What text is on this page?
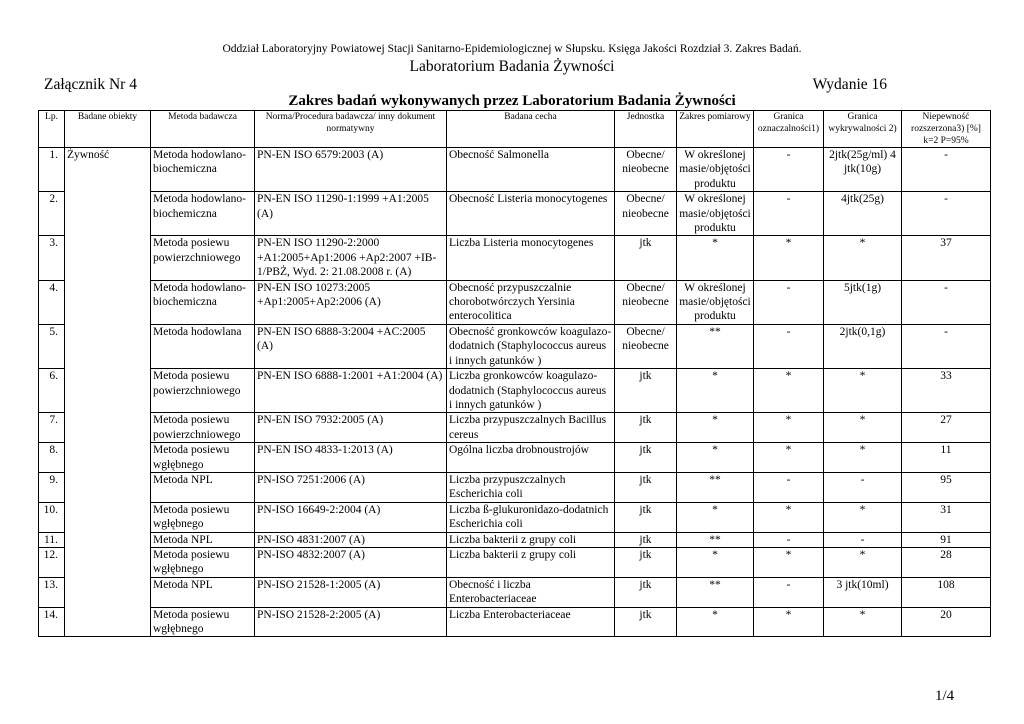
Oddział Laboratoryjny Powiatowej Stacji Sanitarno-Epidemiologicznej w Słupsku. Księga Jakości Rozdział 3. Zakres Badań.
Laboratorium Badania Żywności
Załącznik Nr 4	Wydanie 16
Zakres badań wykonywanych przez Laboratorium Badania Żywności
Lp.	Badane obiekty	Metoda badawcza	Norma/Procedura badawcza/ inny dokument normatywny	Badana cecha	Jednostka	Zakres pomiarowy	Granica oznaczalności1)	Granica wykrywalności 2)	Niepewność rozszerzona3) [%] k=2 P=95%
1.	Żywność	Metoda hodowlano-biochemiczna	PN-EN ISO 6579:2003 (A)	Obecność Salmonella	Obecne/ nieobecne	W określonej masie/objętości produktu	-	2jtk(25g/ml) 4 jtk(10g)	-
2.		Metoda hodowlano-biochemiczna	PN-EN ISO 11290-1:1999 +A1:2005 (A)	Obecność Listeria monocytogenes	Obecne/ nieobecne	W określonej masie/objętości produktu	-	4jtk(25g)	-
3.		Metoda posiewu powierzchniowego	PN-EN ISO 11290-2:2000 +A1:2005+Ap1:2006 +Ap2:2007 +IB-1/PBŻ, Wyd. 2: 21.08.2008 r. (A)	Liczba Listeria monocytogenes	jtk	*	*	*	37
4.		Metoda hodowlano-biochemiczna	PN-EN ISO 10273:2005 +Ap1:2005+Ap2:2006 (A)	Obecność przypuszczalnie chorobotwórczych Yersinia enterocolitica	Obecne/ nieobecne	W określonej masie/objętości produktu	-	5jtk(1g)	-
5.		Metoda hodowlana	PN-EN ISO 6888-3:2004 +AC:2005 (A)	Obecność gronkowców koagulazo-dodatnich (Staphylococcus aureus i innych gatunków )	Obecne/ nieobecne	**	-	2jtk(0,1g)	-
6.		Metoda posiewu powierzchniowego	PN-EN ISO 6888-1:2001 +A1:2004 (A)	Liczba gronkowców koagulazo-dodatnich (Staphylococcus aureus i innych gatunków )	jtk	*	*	*	33
7.		Metoda posiewu powierzchniowego	PN-EN ISO 7932:2005 (A)	Liczba przypuszczalnych Bacillus cereus	jtk	*	*	*	27
8.		Metoda posiewu wgłębnego	PN-EN ISO 4833-1:2013 (A)	Ogólna liczba drobnoustrojów	jtk	*	*	*	11
9.		Metoda NPL	PN-ISO 7251:2006 (A)	Liczba przypuszczalnych Escherichia coli	jtk	**	-	-	95
10.		Metoda posiewu wgłębnego	PN-ISO 16649-2:2004 (A)	Liczba ß-glukuronidazo-dodatnich Escherichia coli	jtk	*	*	*	31
11.		Metoda NPL	PN-ISO 4831:2007 (A)	Liczba bakterii z grupy coli	jtk	**	-	-	91
12.		Metoda posiewu wgłębnego	PN-ISO 4832:2007 (A)	Liczba bakterii z grupy coli	jtk	*	*	*	28
13.		Metoda NPL	PN-ISO 21528-1:2005 (A)	Obecność i liczba Enterobacteriaceae	jtk	**	-	3 jtk(10ml)	108
14.		Metoda posiewu wgłębnego	PN-ISO 21528-2:2005 (A)	Liczba Enterobacteriaceae	jtk	*	*	*	20
1/4
